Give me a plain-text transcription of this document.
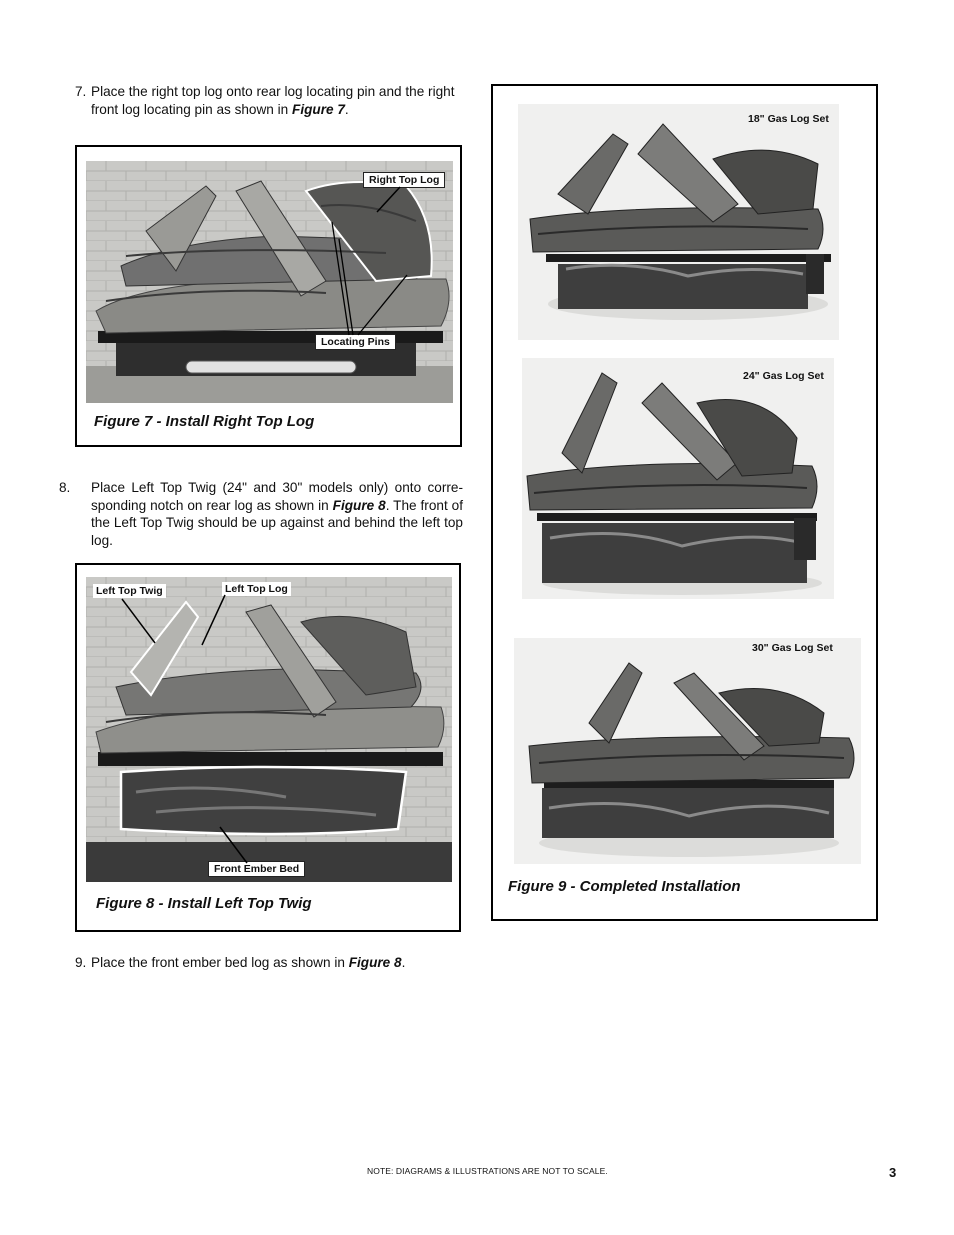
7. Place the right top log onto rear log locating pin and the right
front log locating pin as shown in Figure 7.
Right Top Log
Locating Pins
Figure 7 - Install Right Top Log
8. Place Left Top Twig (24" and 30" models only) onto corre-sponding notch on rear log as shown in Figure 8. The front of the Left Top Twig should be up against and behind the left top log.
Left Top Twig	Left Top Log
Front Ember Bed
Figure 8 - Install Left Top Twig
9. Place the front ember bed log as shown in Figure 8.
18" Gas Log Set
24" Gas Log Set
30" Gas Log Set
Figure 9 - Completed Installation
NOTE: DIAGRAMS & ILLUSTRATIONS ARE NOT TO SCALE.	3
